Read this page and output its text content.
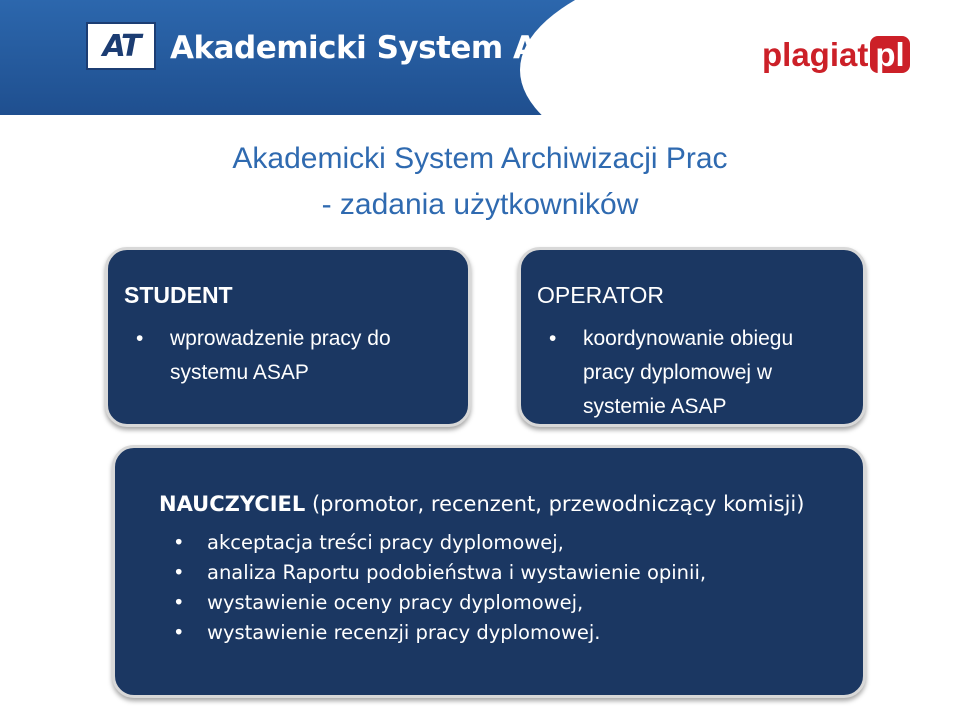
AT Akademicki System Archiwizacji Prac
plagiat pl
Akademicki System Archiwizacji Prac
- zadania użytkowników
STUDENT
• wprowadzenie pracy do systemu ASAP
OPERATOR
• koordynowanie obiegu pracy dyplomowej w systemie ASAP
NAUCZYCIEL (promotor, recenzent, przewodniczący komisji)
• akceptacja treści pracy dyplomowej,
• analiza Raportu podobieństwa i wystawienie opinii,
• wystawienie oceny pracy dyplomowej,
• wystawienie recenzji pracy dyplomowej.
